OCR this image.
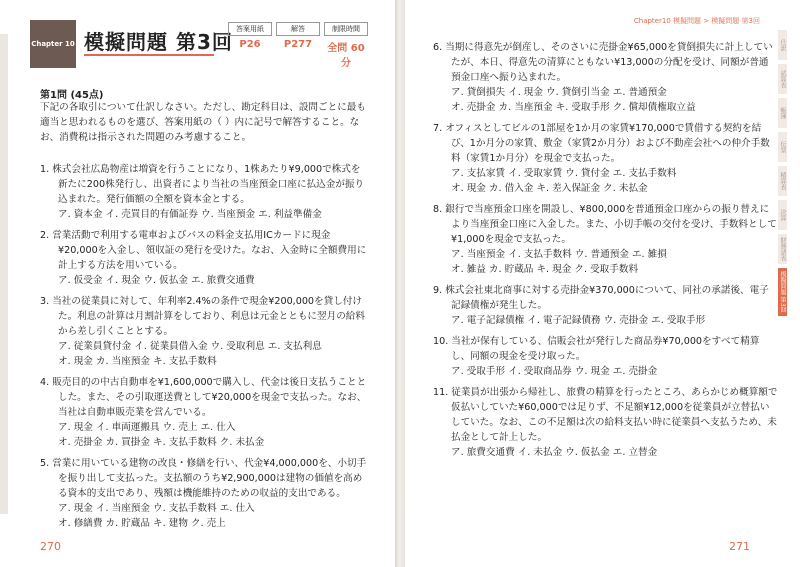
Chapter 10 模擬問題 第3回
答案用紙
P26
解答
P277
制限時間
全問 60分
第1問 (45点)
下記の各取引について仕訳しなさい。ただし、勘定科目は、設問ごとに最も適当と思われるものを選び、答案用紙の（ ）内に記号で解答すること。なお、消費税は指示された問題のみ考慮すること。
1. 株式会社広島物産は増資を行うことになり、1株あたり¥9,000で株式を新たに200株発行し、出資者により当社の当座預金口座に払込金が振り込まれた。発行価額の全額を資本金とする。
ア. 資本金 イ. 売買目的有価証券 ウ. 当座預金 エ. 利益準備金
2. 営業活動で利用する電車およびバスの料金支払用ICカードに現金¥20,000を入金し、領収証の発行を受けた。なお、入金時に全額費用に計上する方法を用いている。
ア. 仮受金 イ. 現金 ウ. 仮払金 エ. 旅費交通費
3. 当社の従業員に対して、年利率2.4%の条件で現金¥200,000を貸し付けた。利息の計算は月割計算をしており、利息は元金とともに翌月の給料から差し引くこととする。
ア. 従業員貸付金 イ. 従業員借入金 ウ. 受取利息 エ. 支払利息
オ. 現金 カ. 当座預金 キ. 支払手数料
4. 販売目的の中古自動車を¥1,600,000で購入し、代金は後日支払うこととした。また、その引取運送費として¥20,000を現金で支払った。なお、当社は自動車販売業を営んでいる。
ア. 現金 イ. 車両運搬具 ウ. 売上 エ. 仕入
オ. 売掛金 カ. 買掛金 キ. 支払手数料 ク. 未払金
5. 営業に用いている建物の改良・修繕を行い、代金¥4,000,000を、小切手を振り出して支払った。支払額のうち¥2,900,000は建物の価値を高める資本的支出であり、残額は機能維持のための収益的支出である。
ア. 現金 イ. 当座預金 ウ. 支払手数料 エ. 仕入
オ. 修繕費 カ. 貯蔵品 キ. 建物 ク. 売上
270
Chapter10 模擬問題 > 模擬問題 第3回
6. 当期に得意先が倒産し、そのさいに売掛金¥65,000を貸倒損失に計上していたが、本日、得意先の清算にともない¥13,000の分配を受け、同額が普通預金口座へ振り込まれた。
ア. 貸倒損失 イ. 現金 ウ. 貸倒引当金 エ. 普通預金
オ. 売掛金 カ. 当座預金 キ. 受取手形 ク. 償却債権取立益
7. オフィスとしてビルの1部屋を1か月の家賃¥170,000で賃借する契約を結び、1か月分の家賃、敷金（家賃2か月分）および不動産会社への仲介手数料（家賃1か月分）を現金で支払った。
ア. 支払家賃 イ. 受取家賃 ウ. 貸付金 エ. 支払手数料
オ. 現金 カ. 借入金 キ. 差入保証金 ク. 未払金
8. 銀行で当座預金口座を開設し、¥800,000を普通預金口座からの振り替えにより当座預金口座に入金した。また、小切手帳の交付を受け、手数料として¥1,000を現金で支払った。
ア. 当座預金 イ. 支払手数料 ウ. 普通預金 エ. 雑損
オ. 雑益 カ. 貯蔵品 キ. 現金 ク. 受取手数料
9. 株式会社東北商事に対する売掛金¥370,000について、同社の承諾後、電子記録債権が発生した。
ア. 電子記録債権 イ. 電子記録債務 ウ. 売掛金 エ. 受取手形
10. 当社が保有している、信販会社が発行した商品券¥70,000をすべて精算し、同額の現金を受け取った。
ア. 受取手形 イ. 受取商品券 ウ. 現金 エ. 売掛金
11. 従業員が出張から帰社し、旅費の精算を行ったところ、あらかじめ概算額で仮払いしていた¥60,000では足りず、不足額¥12,000を従業員が立替払いしていた。なお、この不足額は次の給料支払い時に従業員へ支払うため、未払金として計上した。
ア. 旅費交通費 イ. 未払金 ウ. 仮払金 エ. 立替金
仕訳
試算表
帳簿
伝票
精算表
決算
財務諸表
模擬問題 第3回
271
